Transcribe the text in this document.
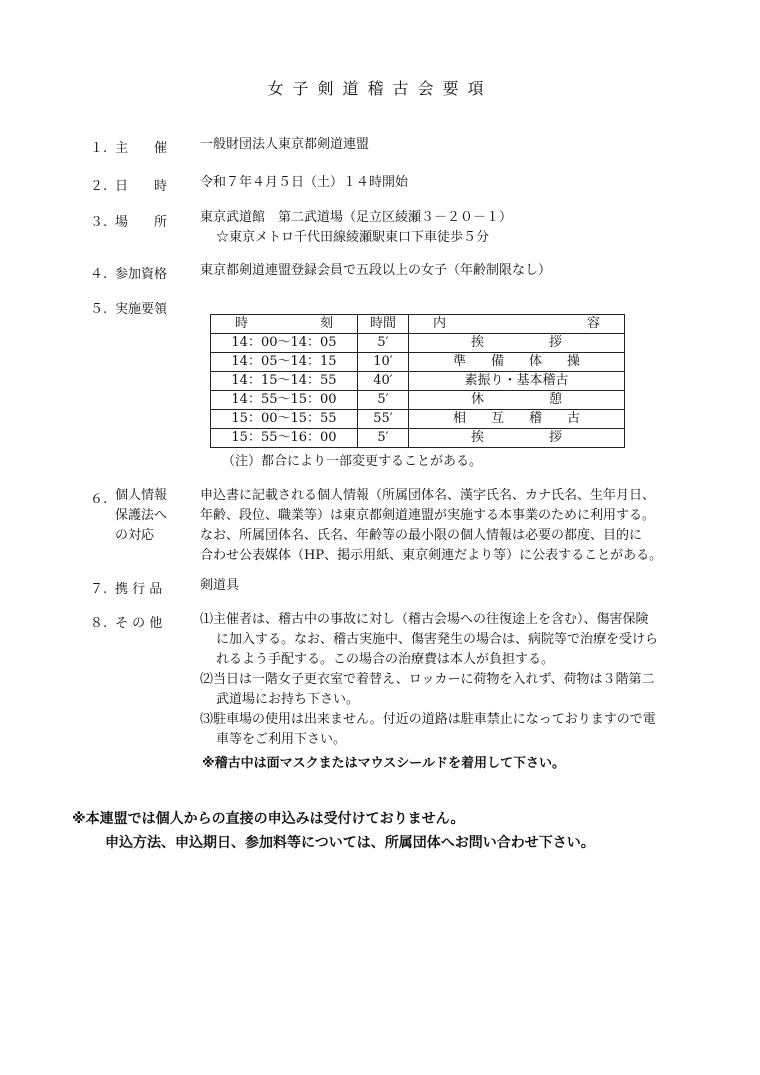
女子剣道稽古会要項
１. 主　　催	一般財団法人東京都剣道連盟
２. 日　　時	令和７年４月５日（土）１４時開始
３. 場　　所	東京武道館　第二武道場（足立区綾瀬３－２０－１）
☆東京メトロ千代田線綾瀬駅東口下車徒歩５分
４. 参加資格	東京都剣道連盟登録会員で五段以上の女子（年齢制限なし）
５. 実施要領
時 刻	時間	内 容

14：00～14：05	5′	挨 拶

14：05～14：15	10′	準 備 体 操

14：15～14：55	40′	素振り・基本稽古
14：55～15：00	5′	休 憩

15：00～15：55	55′	相 互 稽 古

15：55～16：00	5′	挨 拶
（注）都合により一部変更することがある。
６. 個人情報
保護法へ
の対応
申込書に記載される個人情報（所属団体名、漢字氏名、カナ氏名、生年月日、
年齢、段位、職業等）は東京都剣道連盟が実施する本事業のために利用する。
なお、所属団体名、氏名、年齢等の最小限の個人情報は必要の都度、目的に
合わせ公表媒体（HP、掲示用紙、東京剣連だより等）に公表することがある。
７. 携 行 品	剣道具
８. そ の 他	⑴主催者は、稽古中の事故に対し（稽古会場への往復途上を含む）、傷害保険
に加入する。なお、稽古実施中、傷害発生の場合は、病院等で治療を受けら
れるよう手配する。この場合の治療費は本人が負担する。
⑵当日は一階女子更衣室で着替え、ロッカーに荷物を入れず、荷物は３階第二
武道場にお持ち下さい。
⑶駐車場の使用は出来ません。付近の道路は駐車禁止になっておりますので電
車等をご利用下さい。
※稽古中は面マスクまたはマウスシールドを着用して下さい。
※本連盟では個人からの直接の申込みは受付けておりません。
申込方法、申込期日、参加料等については、所属団体へお問い合わせ下さい。
